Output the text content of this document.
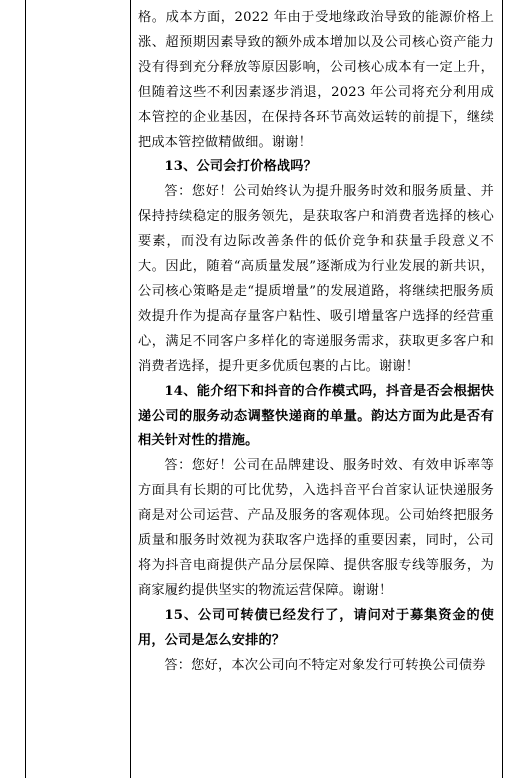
格。成本方面，2022 年由于受地缘政治导致的能源价格上涨、超预期因素导致的额外成本增加以及公司核心资产能力没有得到充分释放等原因影响，公司核心成本有一定上升，但随着这些不利因素逐步消退，2023 年公司将充分利用成本管控的企业基因，在保持各环节高效运转的前提下，继续把成本管控做精做细。谢谢！

13、公司会打价格战吗？

答：您好！公司始终认为提升服务时效和服务质量、并保持持续稳定的服务领先，是获取客户和消费者选择的核心要素，而没有边际改善条件的低价竞争和获量手段意义不大。因此，随着“高质量发展”逐渐成为行业发展的新共识，公司核心策略是走“提质增量”的发展道路，将继续把服务质效提升作为提高存量客户粘性、吸引增量客户选择的经营重心，满足不同客户多样化的寄递服务需求，获取更多客户和消费者选择，提升更多优质包裹的占比。谢谢！

14、能介绍下和抖音的合作模式吗，抖音是否会根据快递公司的服务动态调整快递商的单量。韵达方面为此是否有相关针对性的措施。

答：您好！公司在品牌建设、服务时效、有效申诉率等方面具有长期的可比优势，入选抖音平台首家认证快递服务商是对公司运营、产品及服务的客观体现。公司始终把服务质量和服务时效视为获取客户选择的重要因素，同时，公司将为抖音电商提供产品分层保障、提供客服专线等服务，为商家履约提供坚实的物流运营保障。谢谢！

15、公司可转债已经发行了，请问对于募集资金的使用，公司是怎么安排的？

答：您好，本次公司向不特定对象发行可转换公司债券
